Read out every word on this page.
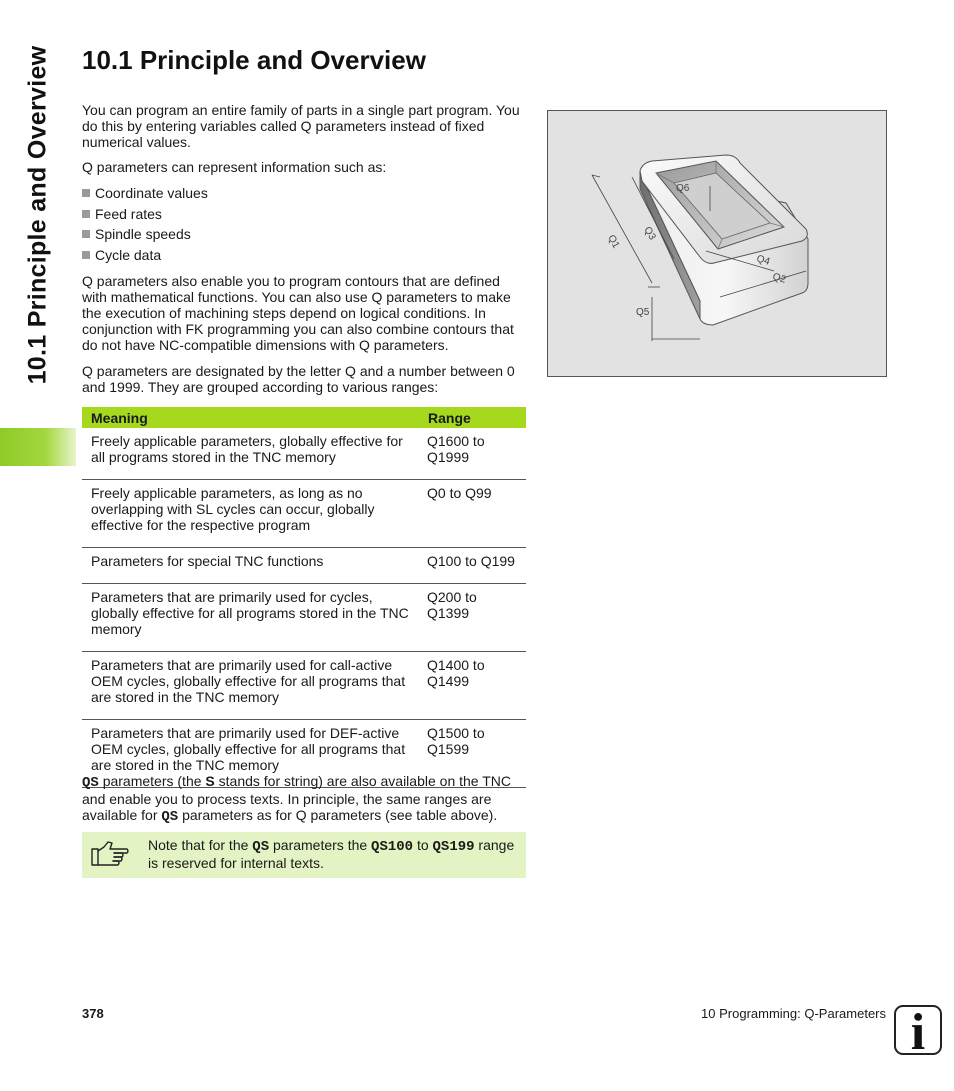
10.1 Principle and Overview 10.1 Principle and Overview

You can program an entire family of parts in a single part program. You do this by entering variables called Q parameters instead of fixed numerical values.

Q parameters can represent information such as:

Coordinate values
Feed rates
Spindle speeds
Cycle data

Q parameters also enable you to program contours that are defined with mathematical functions. You can also use Q parameters to make the execution of machining steps depend on logical conditions. In conjunction with FK programming you can also combine contours that do not have NC-compatible dimensions with Q parameters.

Q parameters are designated by the letter Q and a number between 0 and 1999. They are grouped according to various ranges:

Meaning	Range
Freely applicable parameters, globally effective for all programs stored in the TNC memory	Q1600 to Q1999
Freely applicable parameters, as long as no overlapping with SL cycles can occur, globally effective for the respective program	Q0 to Q99
Parameters for special TNC functions	Q100 to Q199
Parameters that are primarily used for cycles, globally effective for all programs stored in the TNC memory	Q200 to Q1399
Parameters that are primarily used for call-active OEM cycles, globally effective for all programs that are stored in the TNC memory	Q1400 to Q1499
Parameters that are primarily used for DEF-active OEM cycles, globally effective for all programs that are stored in the TNC memory	Q1500 to Q1599

QS parameters (the S stands for string) are also available on the TNC and enable you to process texts. In principle, the same ranges are available for QS parameters as for Q parameters (see table above).

Note that for the QS parameters the QS100 to QS199 range is reserved for internal texts.
Q1
Q2
Q3
Q4
Q5
Q6
378	10 Programming: Q-Parameters i
